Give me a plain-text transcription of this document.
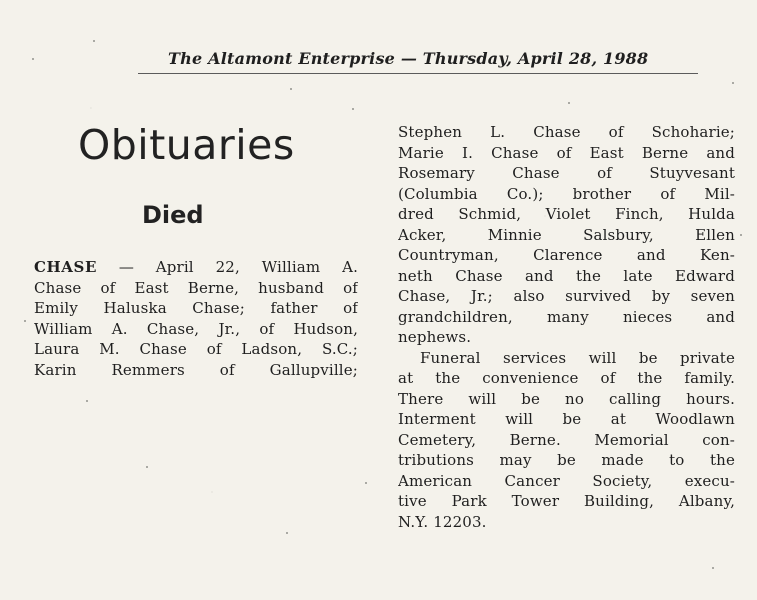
The Altamont Enterprise — Thursday, April 28, 1988
Obituaries
Died
CHASE — April 22, William A.
Chase of East Berne, husband of
Emily Haluska Chase; father of
William A. Chase, Jr., of Hudson,
Laura M. Chase of Ladson, S.C.;
Karin Remmers of Gallupville;
Stephen L. Chase of Schoharie;
Marie I. Chase of East Berne and
Rosemary Chase of Stuyvesant
(Columbia Co.); brother of Mil-
dred Schmid, Violet Finch, Hulda
Acker, Minnie Salsbury, Ellen
Countryman, Clarence and Ken-
neth Chase and the late Edward
Chase, Jr.; also survived by seven
grandchildren, many nieces and
nephews.
Funeral services will be private
at the convenience of the family.
There will be no calling hours.
Interment will be at Woodlawn
Cemetery, Berne. Memorial con-
tributions may be made to the
American Cancer Society, execu-
tive Park Tower Building, Albany,
N.Y. 12203.
